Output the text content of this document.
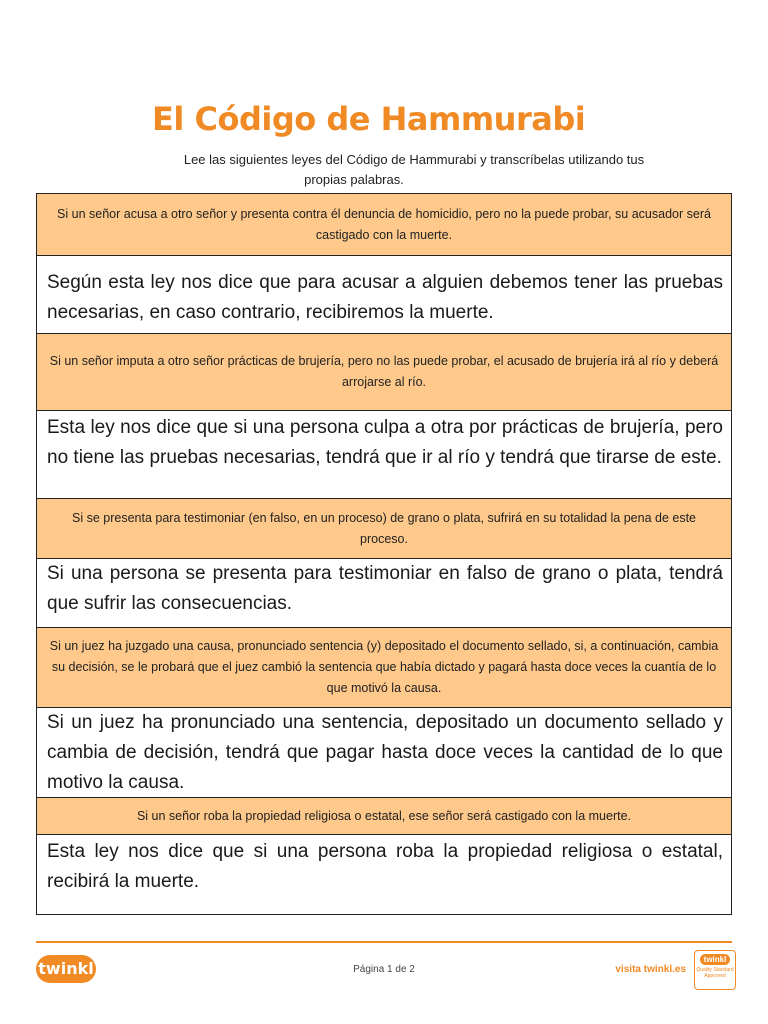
El Código de Hammurabi
Lee las siguientes leyes del Código de Hammurabi y transcríbelas utilizando tus
propias palabras.
Si un señor acusa a otro señor y presenta contra él denuncia de homicidio, pero no la puede probar, su acusador será castigado con la muerte.
Según esta ley nos dice que para acusar a alguien debemos tener las pruebas necesarias, en caso contrario, recibiremos la muerte.
Si un señor imputa a otro señor prácticas de brujería, pero no las puede probar, el acusado de brujería irá al río y deberá arrojarse al río.
Esta ley nos dice que si una persona culpa a otra por prácticas de brujería, pero no tiene las pruebas necesarias, tendrá que ir al río y tendrá que tirarse de este.
Si se presenta para testimoniar (en falso, en un proceso) de grano o plata, sufrirá en su totalidad la pena de este proceso.
Si una persona se presenta para testimoniar en falso de grano o plata, tendrá que sufrir las consecuencias.
Si un juez ha juzgado una causa, pronunciado sentencia (y) depositado el documento sellado, si, a continuación, cambia su decisión, se le probará que el juez cambió la sentencia que había dictado y pagará hasta doce veces la cuantía de lo que motivó la causa.
Si un juez ha pronunciado una sentencia, depositado un documento sellado y cambia de decisión, tendrá que pagar hasta doce veces la cantidad de lo que motivo la causa.
Si un señor roba la propiedad religiosa o estatal, ese señor será castigado con la muerte.
Esta ley nos dice que si una persona roba la propiedad religiosa o estatal, recibirá la muerte.
twinkl	Página 1 de 2	visita twinkl.es
twinkl
Quality Standard Approved
